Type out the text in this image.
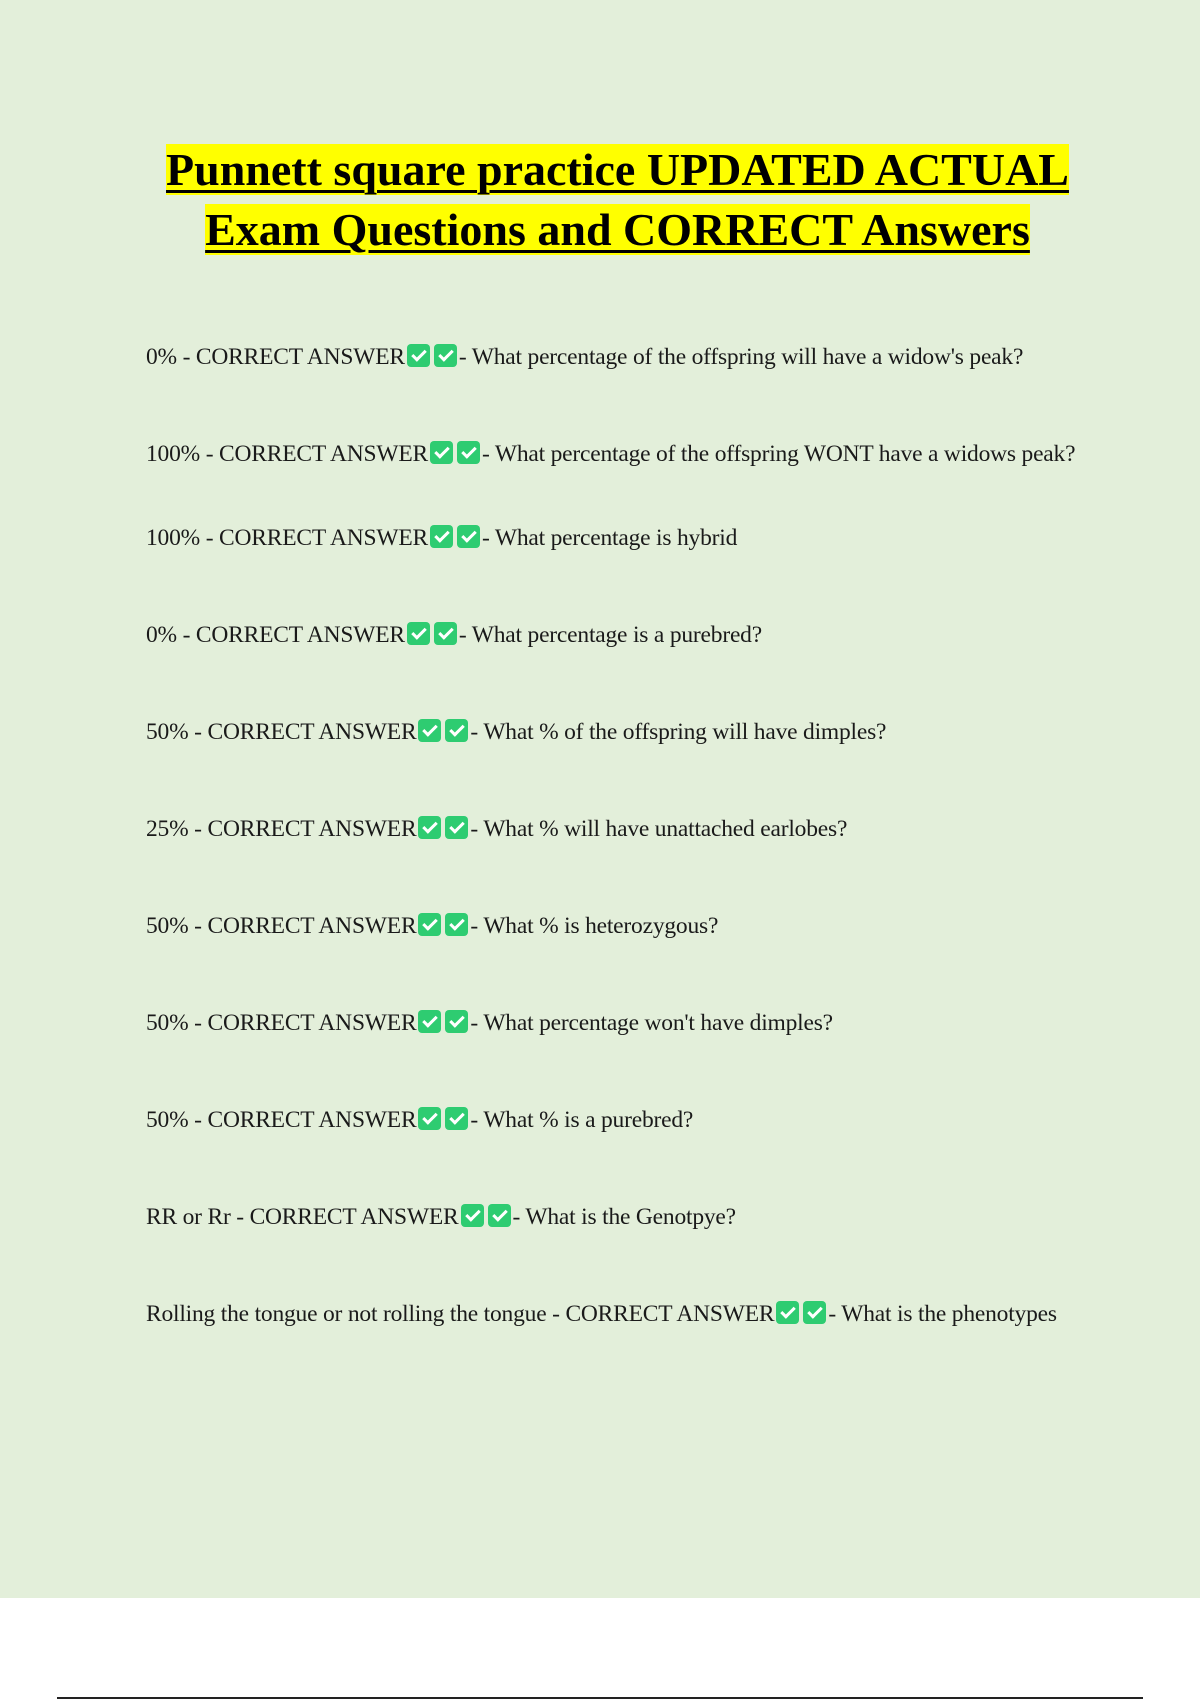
Punnett square practice UPDATED ACTUAL Exam Questions and CORRECT Answers
0% - CORRECT ANSWER - What percentage of the offspring will have a widow's peak?
100% - CORRECT ANSWER - What percentage of the offspring WONT have a widows peak?
100% - CORRECT ANSWER - What percentage is hybrid
0% - CORRECT ANSWER - What percentage is a purebred?
50% - CORRECT ANSWER - What % of the offspring will have dimples?
25% - CORRECT ANSWER - What % will have unattached earlobes?
50% - CORRECT ANSWER - What % is heterozygous?
50% - CORRECT ANSWER - What percentage won't have dimples?
50% - CORRECT ANSWER - What % is a purebred?
RR or Rr - CORRECT ANSWER - What is the Genotpye?
Rolling the tongue or not rolling the tongue - CORRECT ANSWER - What is the phenotypes
